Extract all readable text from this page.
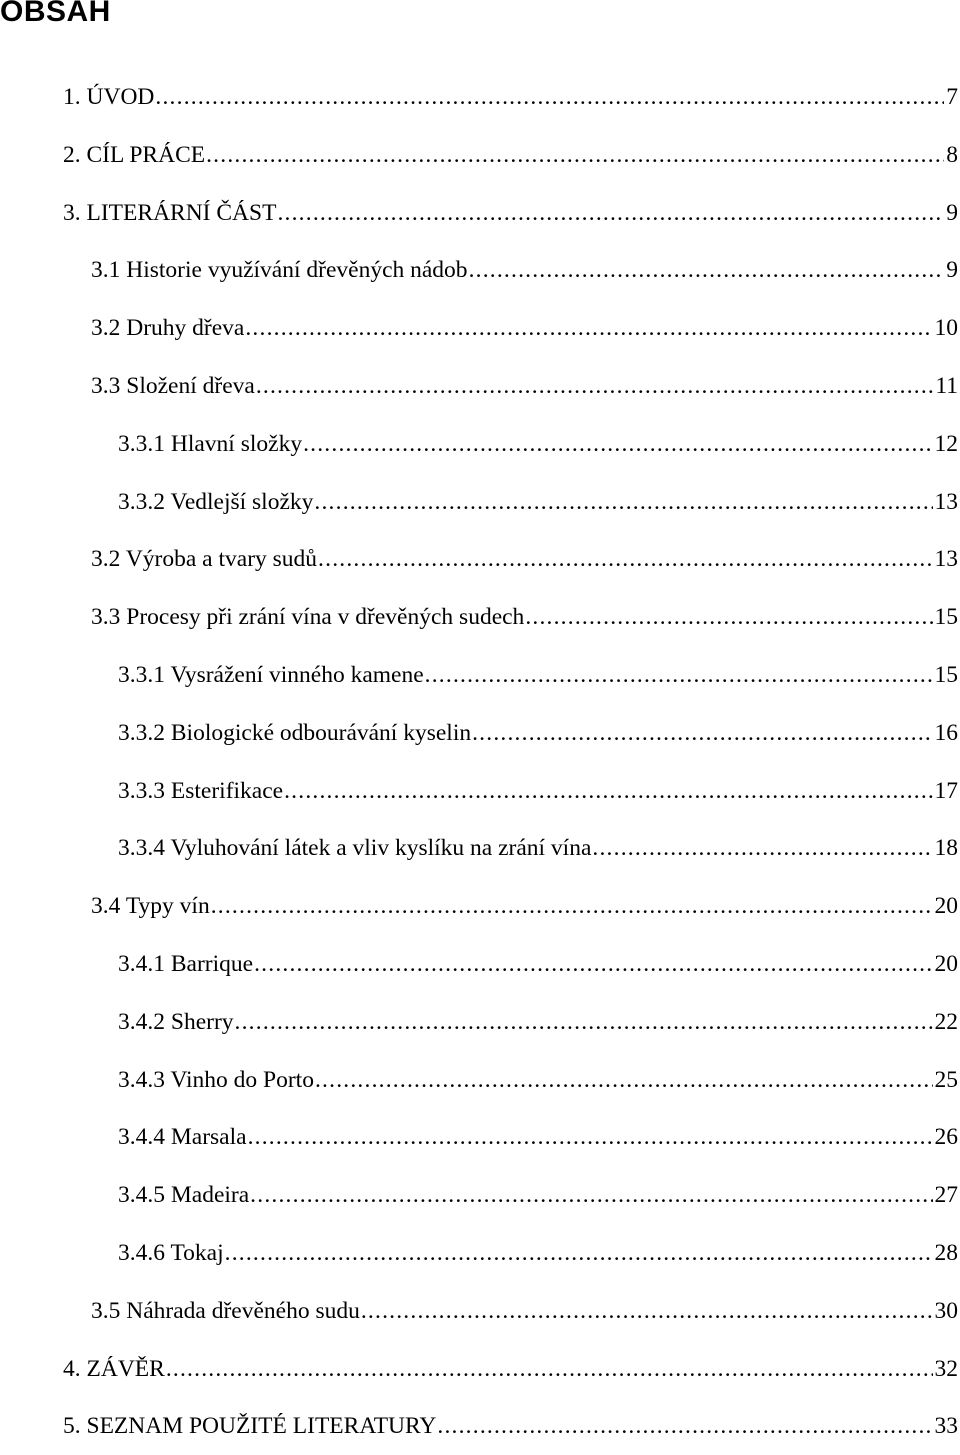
OBSAH
1. ÚVOD .....	7
2. CÍL PRÁCE .....	8
3. LITERÁRNÍ ČÁST .....	9
3.1 Historie využívání dřevěných nádob .....	9
3.2 Druhy dřeva .....	10
3.3 Složení dřeva .....	11
3.3.1 Hlavní složky .....	12
3.3.2 Vedlejší složky .....	13
3.2 Výroba a tvary sudů .....	13
3.3 Procesy při zrání vína v dřevěných sudech .....	15
3.3.1 Vysrážení vinného kamene .....	15
3.3.2 Biologické odbourávání kyselin .....	16
3.3.3 Esterifikace .....	17
3.3.4 Vyluhování látek a vliv kyslíku na zrání vína .....	18
3.4 Typy vín .....	20
3.4.1 Barrique .....	20
3.4.2 Sherry .....	22
3.4.3 Vinho do Porto .....	25
3.4.4 Marsala .....	26
3.4.5 Madeira .....	27
3.4.6 Tokaj .....	28
3.5 Náhrada dřevěného sudu .....	30
4. ZÁVĚR .....	32
5. SEZNAM POUŽITÉ LITERATURY .....	33
